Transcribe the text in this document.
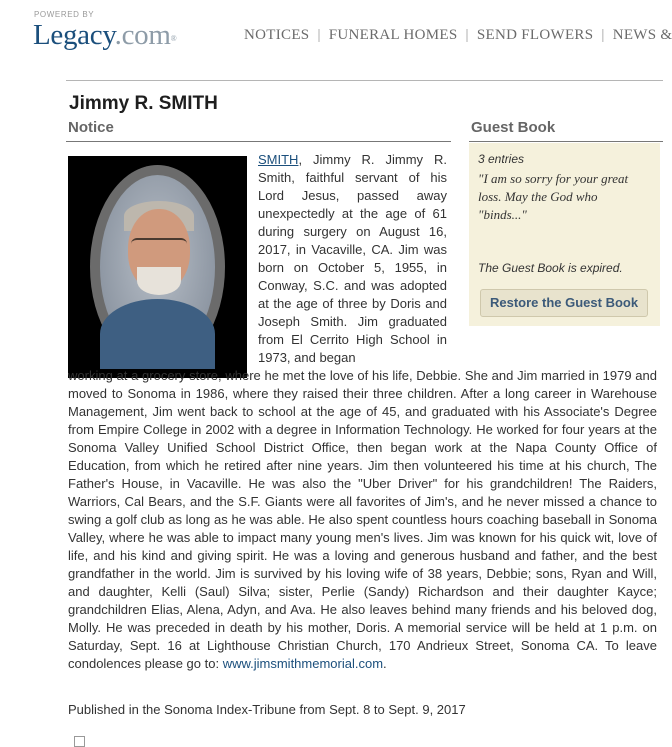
POWERED BY
Legacy.com®	NOTICES | FUNERAL HOMES | SEND FLOWERS | NEWS &
Jimmy R. SMITH
Notice	Guest Book
3 entries
"I am so sorry for your great loss. May the God who "binds..."
The Guest Book is expired.
Restore the Guest Book
SMITH, Jimmy R. Jimmy R. Smith, faithful servant of his Lord Jesus, passed away unexpectedly at the age of 61 during surgery on August 16, 2017, in Vacaville, CA. Jim was born on October 5, 1955, in Conway, S.C. and was adopted at the age of three by Doris and Joseph Smith. Jim graduated from El Cerrito High School in 1973, and began
working at a grocery store, where he met the love of his life, Debbie. She and Jim married in 1979 and moved to Sonoma in 1986, where they raised their three children. After a long career in Warehouse Management, Jim went back to school at the age of 45, and graduated with his Associate's Degree from Empire College in 2002 with a degree in Information Technology. He worked for four years at the Sonoma Valley Unified School District Office, then began work at the Napa County Office of Education, from which he retired after nine years. Jim then volunteered his time at his church, The Father's House, in Vacaville. He was also the "Uber Driver" for his grandchildren! The Raiders, Warriors, Cal Bears, and the S.F. Giants were all favorites of Jim's, and he never missed a chance to swing a golf club as long as he was able. He also spent countless hours coaching baseball in Sonoma Valley, where he was able to impact many young men's lives. Jim was known for his quick wit, love of life, and his kind and giving spirit. He was a loving and generous husband and father, and the best grandfather in the world. Jim is survived by his loving wife of 38 years, Debbie; sons, Ryan and Will, and daughter, Kelli (Saul) Silva; sister, Perlie (Sandy) Richardson and their daughter Kayce; grandchildren Elias, Alena, Adyn, and Ava. He also leaves behind many friends and his beloved dog, Molly. He was preceded in death by his mother, Doris. A memorial service will be held at 1 p.m. on Saturday, Sept. 16 at Lighthouse Christian Church, 170 Andrieux Street, Sonoma CA. To leave condolences please go to: www.jimsmithmemorial.com.
Published in the Sonoma Index-Tribune from Sept. 8 to Sept. 9, 2017
